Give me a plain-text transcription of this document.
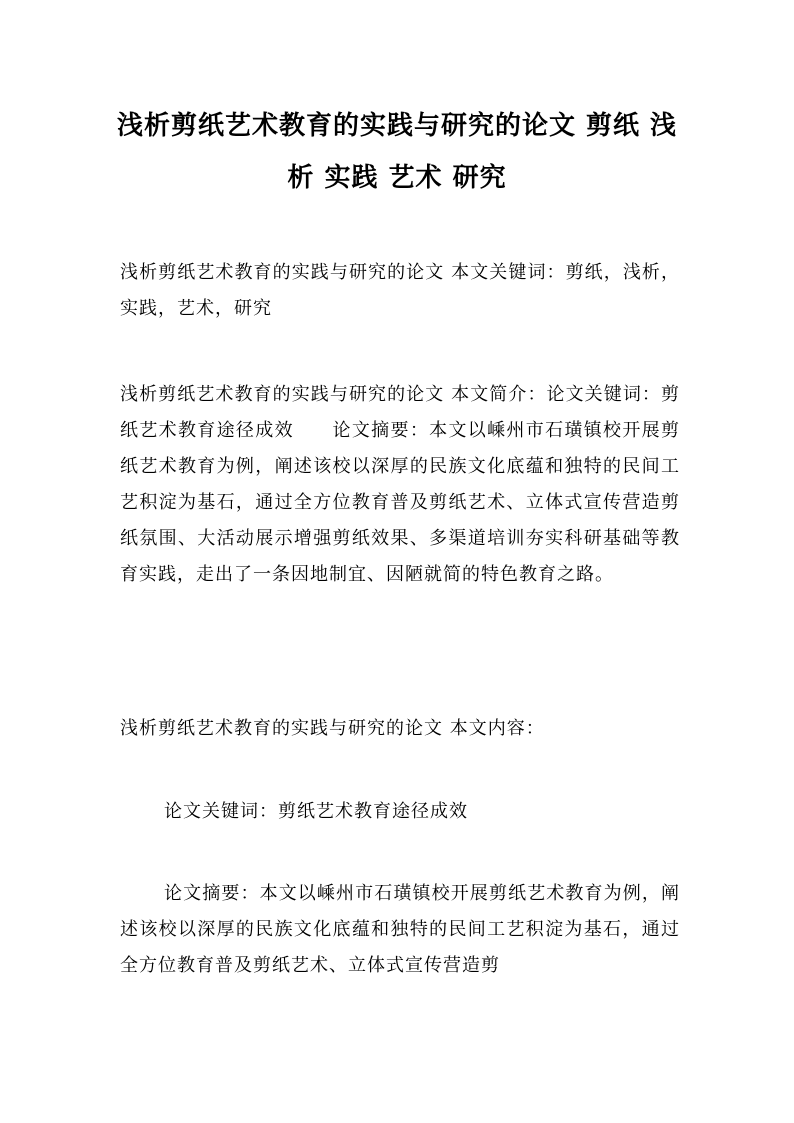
浅析剪纸艺术教育的实践与研究的论文 剪纸 浅析 实践 艺术 研究

浅析剪纸艺术教育的实践与研究的论文 本文关键词：剪纸，浅析，实践，艺术，研究

浅析剪纸艺术教育的实践与研究的论文 本文简介：论文关键词：剪纸艺术教育途径成效　　论文摘要：本文以嵊州市石璜镇校开展剪纸艺术教育为例，阐述该校以深厚的民族文化底蕴和独特的民间工艺积淀为基石，通过全方位教育普及剪纸艺术、立体式宣传营造剪纸氛围、大活动展示增强剪纸效果、多渠道培训夯实科研基础等教育实践，走出了一条因地制宜、因陋就简的特色教育之路。

浅析剪纸艺术教育的实践与研究的论文 本文内容：

论文关键词：剪纸艺术教育途径成效

论文摘要：本文以嵊州市石璜镇校开展剪纸艺术教育为例，阐述该校以深厚的民族文化底蕴和独特的民间工艺积淀为基石，通过全方位教育普及剪纸艺术、立体式宣传营造剪
